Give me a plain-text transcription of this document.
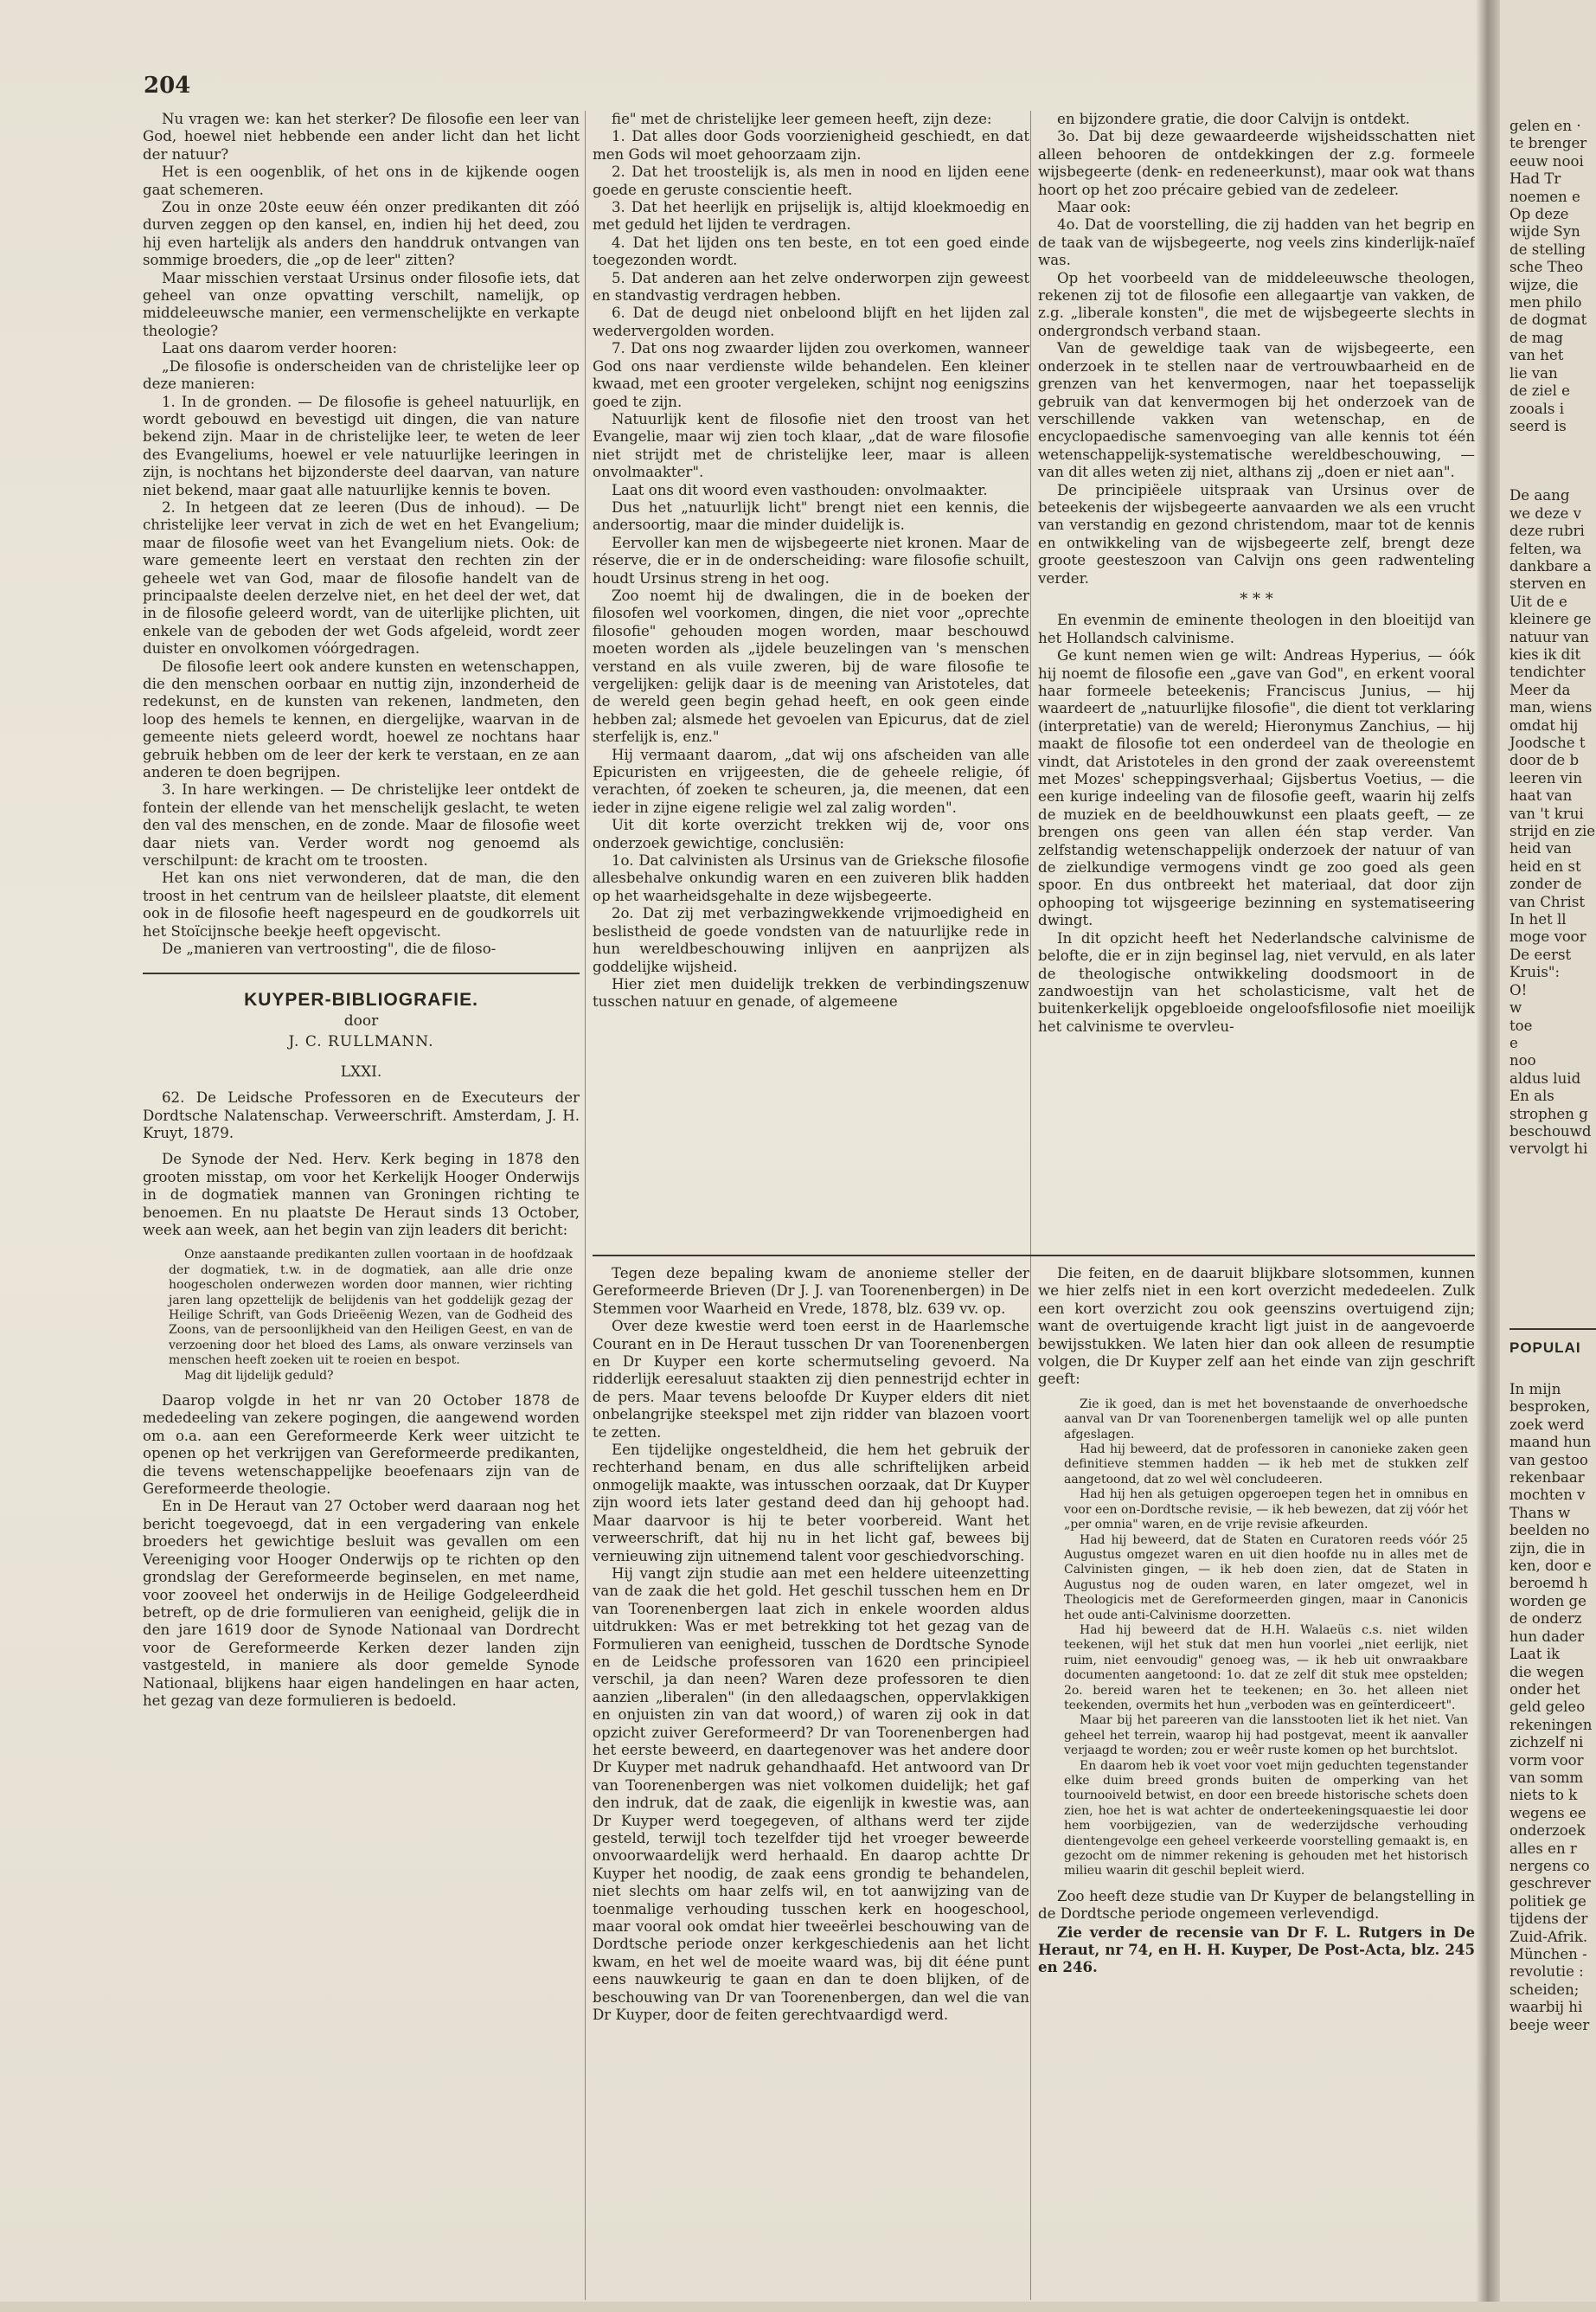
204

Nu vragen we: kan het sterker? De filosofie een leer van God, hoewel niet hebbende een ander licht dan het licht der natuur?

Het is een oogenblik, of het ons in de kijkende oogen gaat schemeren.

Zou in onze 20ste eeuw één onzer predikanten dit zóó durven zeggen op den kansel, en, indien hij het deed, zou hij even hartelijk als anders den handdruk ontvangen van sommige broeders, die „op de leer" zitten?

Maar misschien verstaat Ursinus onder filosofie iets, dat geheel van onze opvatting verschilt, namelijk, op middeleeuwsche manier, een vermenschelijkte en verkapte theologie?

Laat ons daarom verder hooren:

„De filosofie is onderscheiden van de christelijke leer op deze manieren:

1. In de gronden. — De filosofie is geheel natuurlijk, en wordt gebouwd en bevestigd uit dingen, die van nature bekend zijn. Maar in de christelijke leer, te weten de leer des Evangeliums, hoewel er vele natuurlijke leeringen in zijn, is nochtans het bijzonderste deel daarvan, van nature niet bekend, maar gaat alle natuurlijke kennis te boven.

2. In hetgeen dat ze leeren (Dus de inhoud). — De christelijke leer vervat in zich de wet en het Evangelium; maar de filosofie weet van het Evangelium niets. Ook: de ware gemeente leert en verstaat den rechten zin der geheele wet van God, maar de filosofie handelt van de principaalste deelen derzelve niet, en het deel der wet, dat in de filosofie geleerd wordt, van de uiterlijke plichten, uit enkele van de geboden der wet Gods afgeleid, wordt zeer duister en onvolkomen vóórgedragen.

De filosofie leert ook andere kunsten en wetenschappen, die den menschen oorbaar en nuttig zijn, inzonderheid de redekunst, en de kunsten van rekenen, landmeten, den loop des hemels te kennen, en diergelijke, waarvan in de gemeente niets geleerd wordt, hoewel ze nochtans haar gebruik hebben om de leer der kerk te verstaan, en ze aan anderen te doen begrijpen.

3. In hare werkingen. — De christelijke leer ontdekt de fontein der ellende van het menschelijk geslacht, te weten den val des menschen, en de zonde. Maar de filosofie weet daar niets van. Verder wordt nog genoemd als verschilpunt: de kracht om te troosten.

Het kan ons niet verwonderen, dat de man, die den troost in het centrum van de heilsleer plaatste, dit element ook in de filosofie heeft nagespeurd en de goudkorrels uit het Stoïcijnsche beekje heeft opgevischt.

De „manieren van vertroosting", die de filoso-

KUYPER-BIBLIOGRAFIE.
door
J. C. RULLMANN.
LXXI.

62. De Leidsche Professoren en de Executeurs der Dordtsche Nalatenschap. Verweerschrift. Amsterdam, J. H. Kruyt, 1879.

De Synode der Ned. Herv. Kerk beging in 1878 den grooten misstap, om voor het Kerkelijk Hooger Onderwijs in de dogmatiek mannen van Groningen richting te benoemen. En nu plaatste De Heraut sinds 13 October, week aan week, aan het begin van zijn leaders dit bericht:

Onze aanstaande predikanten zullen voortaan in de hoofdzaak der dogmatiek, t.w. in de dogmatiek, aan alle drie onze hoogescholen onderwezen worden door mannen, wier richting jaren lang opzettelijk de belijdenis van het goddelijk gezag der Heilige Schrift, van Gods Drieëenig Wezen, van de Godheid des Zoons, van de persoonlijkheid van den Heiligen Geest, en van de verzoening door het bloed des Lams, als onware verzinsels van menschen heeft zoeken uit te roeien en bespot.

Mag dit lijdelijk geduld?

Daarop volgde in het nr van 20 October 1878 de mededeeling van zekere pogingen, die aangewend worden om o.a. aan een Gereformeerde Kerk weer uitzicht te openen op het verkrijgen van Gereformeerde predikanten, die tevens wetenschappelijke beoefenaars zijn van de Gereformeerde theologie.

En in De Heraut van 27 October werd daaraan nog het bericht toegevoegd, dat in een vergadering van enkele broeders het gewichtige besluit was gevallen om een Vereeniging voor Hooger Onderwijs op te richten op den grondslag der Gereformeerde beginselen, en met name, voor zooveel het onderwijs in de Heilige Godgeleerdheid betreft, op de drie formulieren van eenigheid, gelijk die in den jare 1619 door de Synode Nationaal van Dordrecht voor de Gereformeerde Kerken dezer landen zijn vastgesteld, in maniere als door gemelde Synode Nationaal, blijkens haar eigen handelingen en haar acten, het gezag van deze formulieren is bedoeld.

fie" met de christelijke leer gemeen heeft, zijn deze:

1. Dat alles door Gods voorzienigheid geschiedt, en dat men Gods wil moet gehoorzaam zijn.

2. Dat het troostelijk is, als men in nood en lijden eene goede en geruste conscientie heeft.

3. Dat het heerlijk en prijselijk is, altijd kloekmoedig en met geduld het lijden te verdragen.

4. Dat het lijden ons ten beste, en tot een goed einde toegezonden wordt.

5. Dat anderen aan het zelve onderworpen zijn geweest en standvastig verdragen hebben.

6. Dat de deugd niet onbeloond blijft en het lijden zal wedervergolden worden.

7. Dat ons nog zwaarder lijden zou overkomen, wanneer God ons naar verdienste wilde behandelen. Een kleiner kwaad, met een grooter vergeleken, schijnt nog eenigszins goed te zijn.

Natuurlijk kent de filosofie niet den troost van het Evangelie, maar wij zien toch klaar, „dat de ware filosofie niet strijdt met de christelijke leer, maar is alleen onvolmaakter".

Laat ons dit woord even vasthouden: onvolmaakter.

Dus het „natuurlijk licht" brengt niet een kennis, die andersoortig, maar die minder duidelijk is.

Eervoller kan men de wijsbegeerte niet kronen. Maar de réserve, die er in de onderscheiding: ware filosofie schuilt, houdt Ursinus streng in het oog.

Zoo noemt hij de dwalingen, die in de boeken der filosofen wel voorkomen, dingen, die niet voor „oprechte filosofie" gehouden mogen worden, maar beschouwd moeten worden als „ijdele beuzelingen van 's menschen verstand en als vuile zweren, bij de ware filosofie te vergelijken: gelijk daar is de meening van Aristoteles, dat de wereld geen begin gehad heeft, en ook geen einde hebben zal; alsmede het gevoelen van Epicurus, dat de ziel sterfelijk is, enz."

Hij vermaant daarom, „dat wij ons afscheiden van alle Epicuristen en vrijgeesten, die de geheele religie, óf verachten, óf zoeken te scheuren, ja, die meenen, dat een ieder in zijne eigene religie wel zal zalig worden".

Uit dit korte overzicht trekken wij de, voor ons onderzoek gewichtige, conclusiën:

1o. Dat calvinisten als Ursinus van de Grieksche filosofie allesbehalve onkundig waren en een zuiveren blik hadden op het waarheidsgehalte in deze wijsbegeerte.

2o. Dat zij met verbazingwekkende vrijmoedigheid en beslistheid de goede vondsten van de natuurlijke rede in hun wereldbeschouwing inlijven en aanprijzen als goddelijke wijsheid.

Hier ziet men duidelijk trekken de verbindingszenuw tusschen natuur en genade, of algemeene

en bijzondere gratie, die door Calvijn is ontdekt.

3o. Dat bij deze gewaardeerde wijsheidsschatten niet alleen behooren de ontdekkingen der z.g. formeele wijsbegeerte (denk- en redeneerkunst), maar ook wat thans hoort op het zoo précaire gebied van de zedeleer.

Maar ook:

4o. Dat de voorstelling, die zij hadden van het begrip en de taak van de wijsbegeerte, nog veels zins kinderlijk-naïef was.

Op het voorbeeld van de middeleeuwsche theologen, rekenen zij tot de filosofie een allegaartje van vakken, de z.g. „liberale konsten", die met de wijsbegeerte slechts in ondergrondsch verband staan.

Van de geweldige taak van de wijsbegeerte, een onderzoek in te stellen naar de vertrouwbaarheid en de grenzen van het kenvermogen, naar het toepasselijk gebruik van dat kenvermogen bij het onderzoek van de verschillende vakken van wetenschap, en de encyclopaedische samenvoeging van alle kennis tot één wetenschappelijk-systematische wereldbeschouwing, — van dit alles weten zij niet, althans zij „doen er niet aan".

De principiëele uitspraak van Ursinus over de beteekenis der wijsbegeerte aanvaarden we als een vrucht van verstandig en gezond christendom, maar tot de kennis en ontwikkeling van de wijsbegeerte zelf, brengt deze groote geesteszoon van Calvijn ons geen radwenteling verder.

* * *

En evenmin de eminente theologen in den bloeitijd van het Hollandsch calvinisme.

Ge kunt nemen wien ge wilt: Andreas Hyperius, — óók hij noemt de filosofie een „gave van God", en erkent vooral haar formeele beteekenis; Franciscus Junius, — hij waardeert de „natuurlijke filosofie", die dient tot verklaring (interpretatie) van de wereld; Hieronymus Zanchius, — hij maakt de filosofie tot een onderdeel van de theologie en vindt, dat Aristoteles in den grond der zaak overeenstemt met Mozes' scheppingsverhaal; Gijsbertus Voetius, — die een kurige indeeling van de filosofie geeft, waarin hij zelfs de muziek en de beeldhouwkunst een plaats geeft, — ze brengen ons geen van allen één stap verder. Van zelfstandig wetenschappelijk onderzoek der natuur of van de zielkundige vermogens vindt ge zoo goed als geen spoor. En dus ontbreekt het materiaal, dat door zijn ophooping tot wijsgeerige bezinning en systematiseering dwingt.

In dit opzicht heeft het Nederlandsche calvinisme de belofte, die er in zijn beginsel lag, niet vervuld, en als later de theologische ontwikkeling doodsmoort in de zandwoestijn van het scholasticisme, valt het de buitenkerkelijk opgebloeide ongeloofsfilosofie niet moeilijk het calvinisme te overvleu-

Tegen deze bepaling kwam de anonieme steller der Gereformeerde Brieven (Dr J. J. van Toorenenbergen) in De Stemmen voor Waarheid en Vrede, 1878, blz. 639 vv. op.

Over deze kwestie werd toen eerst in de Haarlemsche Courant en in De Heraut tusschen Dr van Toorenenbergen en Dr Kuyper een korte schermutseling gevoerd. Na ridderlijk eeresaluut staakten zij dien pennestrijd echter in de pers. Maar tevens beloofde Dr Kuyper elders dit niet onbelangrijke steekspel met zijn ridder van blazoen voort te zetten.

Een tijdelijke ongesteldheid, die hem het gebruik der rechterhand benam, en dus alle schriftelijken arbeid onmogelijk maakte, was intusschen oorzaak, dat Dr Kuyper zijn woord iets later gestand deed dan hij gehoopt had. Maar daarvoor is hij te beter voorbereid. Want het verweerschrift, dat hij nu in het licht gaf, bewees bij vernieuwing zijn uitnemend talent voor geschiedvorsching.

Hij vangt zijn studie aan met een heldere uiteenzetting van de zaak die het gold. Het geschil tusschen hem en Dr van Toorenenbergen laat zich in enkele woorden aldus uitdrukken: Was er met betrekking tot het gezag van de Formulieren van eenigheid, tusschen de Dordtsche Synode en de Leidsche professoren van 1620 een principieel verschil, ja dan neen? Waren deze professoren te dien aanzien „liberalen" (in den alledaagschen, oppervlakkigen en onjuisten zin van dat woord,) of waren zij ook in dat opzicht zuiver Gereformeerd? Dr van Toorenenbergen had het eerste beweerd, en daartegenover was het andere door Dr Kuyper met nadruk gehandhaafd. Het antwoord van Dr van Toorenenbergen was niet volkomen duidelijk; het gaf den indruk, dat de zaak, die eigenlijk in kwestie was, aan Dr Kuyper werd toegegeven, of althans werd ter zijde gesteld, terwijl toch tezelfder tijd het vroeger beweerde onvoorwaardelijk werd herhaald. En daarop achtte Dr Kuyper het noodig, de zaak eens grondig te behandelen, niet slechts om haar zelfs wil, en tot aanwijzing van de toenmalige verhouding tusschen kerk en hoogeschool, maar vooral ook omdat hier tweeërlei beschouwing van de Dordtsche periode onzer kerkgeschiedenis aan het licht kwam, en het wel de moeite waard was, bij dit ééne punt eens nauwkeurig te gaan en dan te doen blijken, of de beschouwing van Dr van Toorenenbergen, dan wel die van Dr Kuyper, door de feiten gerechtvaardigd werd.

Die feiten, en de daaruit blijkbare slotsommen, kunnen we hier zelfs niet in een kort overzicht mededeelen. Zulk een kort overzicht zou ook geenszins overtuigend zijn; want de overtuigende kracht ligt juist in de aangevoerde bewijsstukken. We laten hier dan ook alleen de resumptie volgen, die Dr Kuyper zelf aan het einde van zijn geschrift geeft:

Zie ik goed, dan is met het bovenstaande de onverhoedsche aanval van Dr van Toorenenbergen tamelijk wel op alle punten afgeslagen.

Had hij beweerd, dat de professoren in canonieke zaken geen definitieve stemmen hadden — ik heb met de stukken zelf aangetoond, dat zo wel wèl concludeeren.

Had hij hen als getuigen opgeroepen tegen het in omnibus en voor een on-Dordtsche revisie, — ik heb bewezen, dat zij vóór het „per omnia" waren, en de vrije revisie afkeurden.

Had hij beweerd, dat de Staten en Curatoren reeds vóór 25 Augustus omgezet waren en uit dien hoofde nu in alles met de Calvinisten gingen, — ik heb doen zien, dat de Staten in Augustus nog de ouden waren, en later omgezet, wel in Theologicis met de Gereformeerden gingen, maar in Canonicis het oude anti-Calvinisme doorzetten.

Had hij beweerd dat de H.H. Walaeüs c.s. niet wilden teekenen, wijl het stuk dat men hun voorlei „niet eerlijk, niet ruim, niet eenvoudig" genoeg was, — ik heb uit onwraakbare documenten aangetoond: 1o. dat ze zelf dit stuk mee opstelden; 2o. bereid waren het te teekenen; en 3o. het alleen niet teekenden, overmits het hun „verboden was en geïnterdiceert".

Maar bij het pareeren van die lansstooten liet ik het niet. Van geheel het terrein, waarop hij had postgevat, meent ik aanvaller verjaagd te worden; zou er weêr ruste komen op het burchtslot.

En daarom heb ik voet voor voet mijn geduchten tegenstander elke duim breed gronds buiten de omperking van het tournooiveld betwist, en door een breede historische schets doen zien, hoe het is wat achter de onderteekeningsquaestie lei door hem voorbijgezien, van de wederzijdsche verhouding dientengevolge een geheel verkeerde voorstelling gemaakt is, en gezocht om de nimmer rekening is gehouden met het historisch milieu waarin dit geschil bepleit wierd.

Zoo heeft deze studie van Dr Kuyper de belangstelling in de Dordtsche periode ongemeen verlevendigd.

Zie verder de recensie van Dr F. L. Rutgers in De Heraut, nr 74, en H. H. Kuyper, De Post-Acta, blz. 245 en 246.

gelen en ·
te brenger
eeuw nooi
Had Tr
noemen e
Op deze
wijde Syn
de stelling
sche Theo
wijze, die
men philo
de dogmat
de mag
van het
lie van
de ziel e
zooals i
seerd is
De aang
we deze v
deze rubri
felten, wa
dankbare a
sterven en
Uit de e
kleinere ge
natuur van
kies ik dit
tendichter
Meer da
man, wiens
omdat hij
Joodsche t
door de b
leeren vin
haat van
van 't krui
strijd en zie
heid van
heid en st
zonder de
van Christ
In het ll
moge voor
De eerst
Kruis":
O!
w
toe
e
noo
aldus luid
En als
strophen g
beschouwd
vervolgt hi
POPULAI
In mijn
besproken,
zoek werd
maand hun
van gestoo
rekenbaar
mochten v
Thans w
beelden no
zijn, die in
ken, door e
beroemd h
worden ge
de onderz
hun dader
Laat ik
die wegen
onder het
geld geleo
rekeningen
zichzelf ni
vorm voor
van somm
niets to k
wegens ee
onderzoek
alles en r
nergens co
geschrever
politiek ge
tijdens der
Zuid-Afrik.
München -
revolutie :
scheiden;
waarbij hi
beeje weer
